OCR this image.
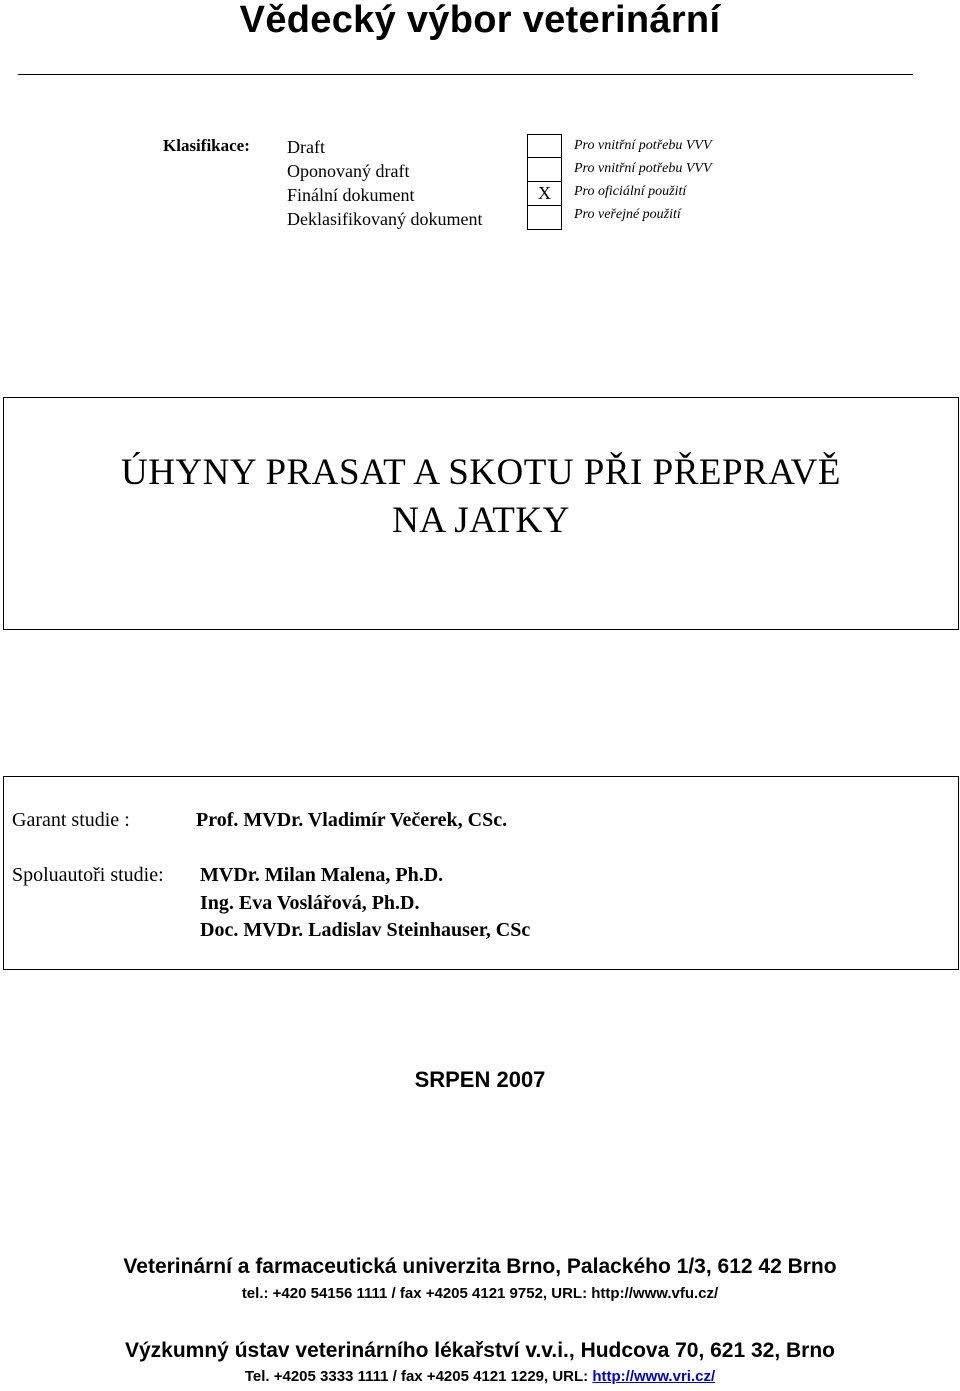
Vědecký výbor veterinární
Klasifikace: Draft
Oponovaný draft
Finální dokument
Deklasifikovaný dokument
X
Pro vnitřní potřebu VVV
Pro vnitřní potřebu VVV
Pro oficiální použití
Pro veřejné použití
ÚHYNY PRASAT A SKOTU PŘI PŘEPRAVĚ
NA JATKY
Garant studie :	Prof. MVDr. Vladimír Večerek, CSc.
Spoluautoři studie: MVDr. Milan Malena, Ph.D.
Ing. Eva Voslářová, Ph.D.
Doc. MVDr. Ladislav Steinhauser, CSc
SRPEN 2007
Veterinární a farmaceutická univerzita Brno, Palackého 1/3, 612 42 Brno
tel.: +420 54156 1111 / fax +4205 4121 9752, URL: http://www.vfu.cz/
Výzkumný ústav veterinárního lékařství v.v.i., Hudcova 70, 621 32, Brno
Tel. +4205 3333 1111 / fax +4205 4121 1229, URL: http://www.vri.cz/
